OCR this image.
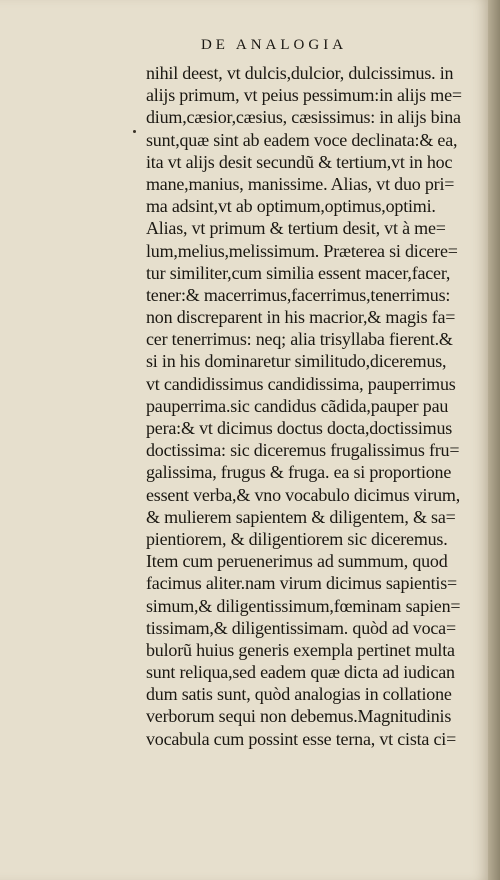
DE ANALOGIA
nihil deest, vt dulcis,dulcior, dulcissimus. in
alijs primum, vt peius pessimum:in alijs me=
dium,cæsior,cæsius, cæsissimus: in alijs bina
sunt,quæ sint ab eadem voce declinata:& ea,
ita vt alijs desit secundũ & tertium,vt in hoc
mane,manius, manissime. Alias, vt duo pri=
ma adsint,vt ab optimum,optimus,optimi.
Alias, vt primum & tertium desit, vt à me=
lum,melius,melissimum. Præterea si dicere=
tur similiter,cum similia essent macer,facer,
tener:& macerrimus,facerrimus,tenerrimus:
non discreparent in his macrior,& magis fa=
cer tenerrimus: neq; alia trisyllaba fierent.&
si in his dominaretur similitudo,diceremus,
vt candidissimus candidissima, pauperrimus
pauperrima.sic candidus cãdida,pauper pau
pera:& vt dicimus doctus docta,doctissimus
doctissima: sic diceremus frugalissimus fru=
galissima, frugus & fruga. ea si proportione
essent verba,& vno vocabulo dicimus virum,
& mulierem sapientem & diligentem, & sa=
pientiorem, & diligentiorem sic diceremus.
Item cum peruenerimus ad summum, quod
facimus aliter.nam virum dicimus sapientis=
simum,& diligentissimum,fœminam sapien=
tissimam,& diligentissimam. quòd ad voca=
bulorũ huius generis exempla pertinet multa
sunt reliqua,sed eadem quæ dicta ad iudican
dum satis sunt, quòd analogias in collatione
verborum sequi non debemus.Magnitudinis
vocabula cum possint esse terna, vt cista ci=
